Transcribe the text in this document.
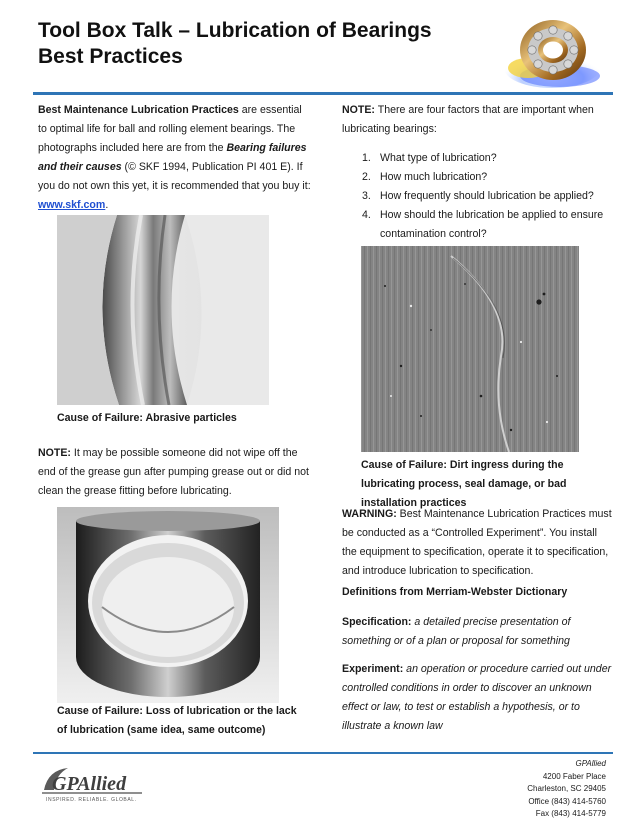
Tool Box Talk – Lubrication of Bearings
Best Practices

Best Maintenance Lubrication Practices are essential to optimal life for ball and rolling element bearings. The photographs included here are from the Bearing failures and their causes (© SKF 1994, Publication PI 401 E). If you do not own this yet, it is recommended that you buy it: www.skf.com.

Cause of Failure: Abrasive particles

NOTE: It may be possible someone did not wipe off the end of the grease gun after pumping grease out or did not clean the grease fitting before lubricating.

Cause of Failure: Loss of lubrication or the lack of lubrication (same idea, same outcome)

NOTE: There are four factors that are important when lubricating bearings:

1. What type of lubrication?
2. How much lubrication?
3. How frequently should lubrication be applied?
4. How should the lubrication be applied to ensure contamination control?
Cause of Failure: Dirt ingress during the lubricating process, seal damage, or bad installation practices

WARNING: Best Maintenance Lubrication Practices must be conducted as a “Controlled Experiment”. You install the equipment to specification, operate it to specification, and introduce lubrication to specification.

Definitions from Merriam-Webster Dictionary

Specification: a detailed precise presentation of something or of a plan or proposal for something

Experiment: an operation or procedure carried out under controlled conditions in order to discover an unknown effect or law, to test or establish a hypothesis, or to illustrate a known law

GPAllied
INSPIRED. RELIABLE. GLOBAL.
GPAllied
4200 Faber Place
Charleston, SC 29405
Office (843) 414-5760
Fax (843) 414-5779
